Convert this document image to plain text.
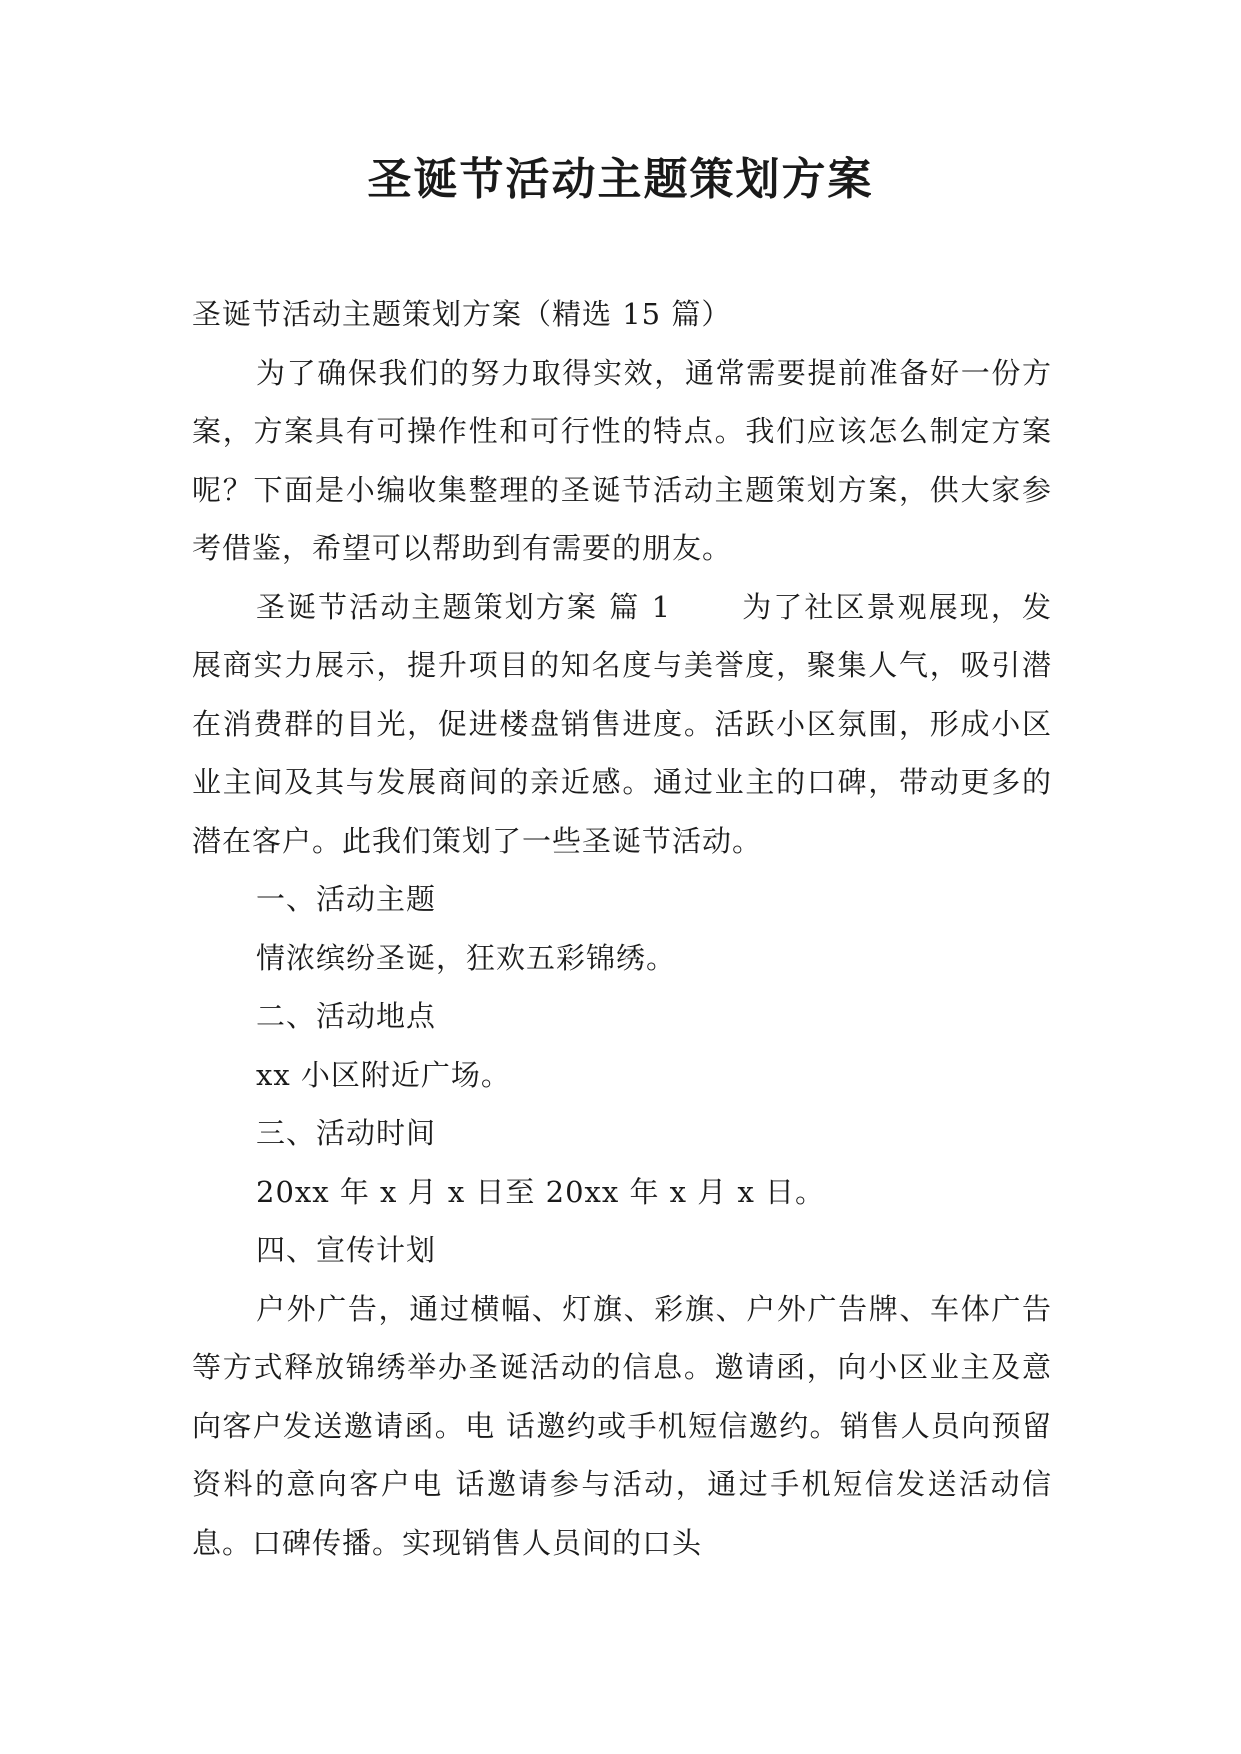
圣诞节活动主题策划方案

圣诞节活动主题策划方案（精选 15 篇）

为了确保我们的努力取得实效，通常需要提前准备好一份方案，方案具有可操作性和可行性的特点。我们应该怎么制定方案呢？下面是小编收集整理的圣诞节活动主题策划方案，供大家参考借鉴，希望可以帮助到有需要的朋友。

圣诞节活动主题策划方案 篇 1 为了社区景观展现，发展商实力展示，提升项目的知名度与美誉度，聚集人气，吸引潜在消费群的目光，促进楼盘销售进度。活跃小区氛围，形成小区业主间及其与发展商间的亲近感。通过业主的口碑，带动更多的潜在客户。此我们策划了一些圣诞节活动。

一、活动主题

情浓缤纷圣诞，狂欢五彩锦绣。

二、活动地点

xx 小区附近广场。

三、活动时间

20xx 年 x 月 x 日至 20xx 年 x 月 x 日。

四、宣传计划

户外广告，通过横幅、灯旗、彩旗、户外广告牌、车体广告等方式释放锦绣举办圣诞活动的信息。邀请函，向小区业主及意向客户发送邀请函。电 话邀约或手机短信邀约。销售人员向预留资料的意向客户电 话邀请参与活动，通过手机短信发送活动信息。口碑传播。实现销售人员间的口头
